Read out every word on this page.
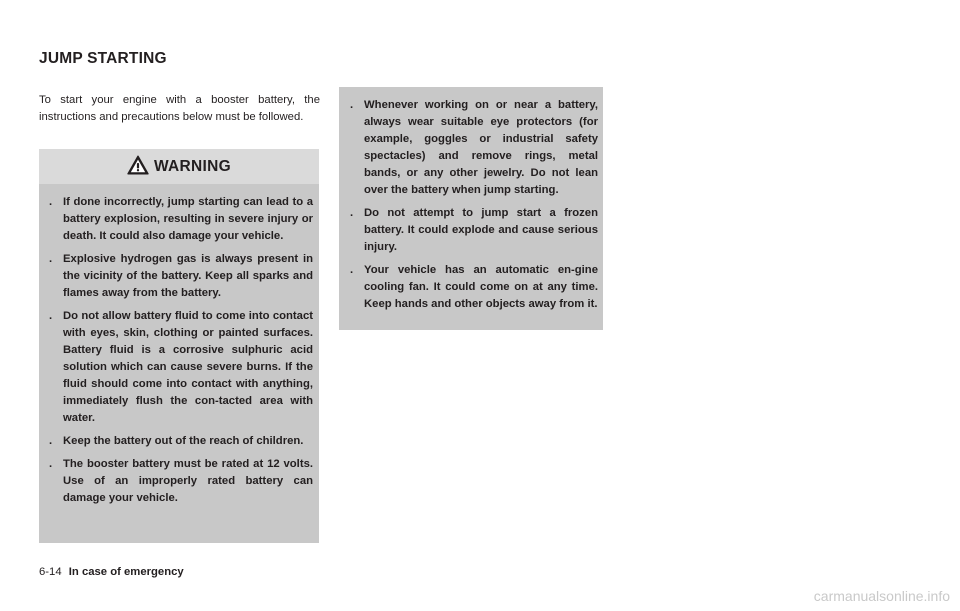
JUMP STARTING

To start your engine with a booster battery, the instructions and precautions below must be followed.

WARNING
. If done incorrectly, jump starting can lead to a battery explosion, resulting in severe injury or death. It could also damage your vehicle.
. Explosive hydrogen gas is always present in the vicinity of the battery. Keep all sparks and flames away from the battery.
. Do not allow battery fluid to come into contact with eyes, skin, clothing or painted surfaces. Battery fluid is a corrosive sulphuric acid solution which can cause severe burns. If the fluid should come into contact with anything, immediately flush the con-tacted area with water.
. Keep the battery out of the reach of children.
. The booster battery must be rated at 12 volts. Use of an improperly rated battery can damage your vehicle.
. Whenever working on or near a battery, always wear suitable eye protectors (for example, goggles or industrial safety spectacles) and remove rings, metal bands, or any other jewelry. Do not lean over the battery when jump starting.
. Do not attempt to jump start a frozen battery. It could explode and cause serious injury.
. Your vehicle has an automatic en-gine cooling fan. It could come on at any time. Keep hands and other objects away from it.
6-14 In case of emergency
carmanualsonline.info
